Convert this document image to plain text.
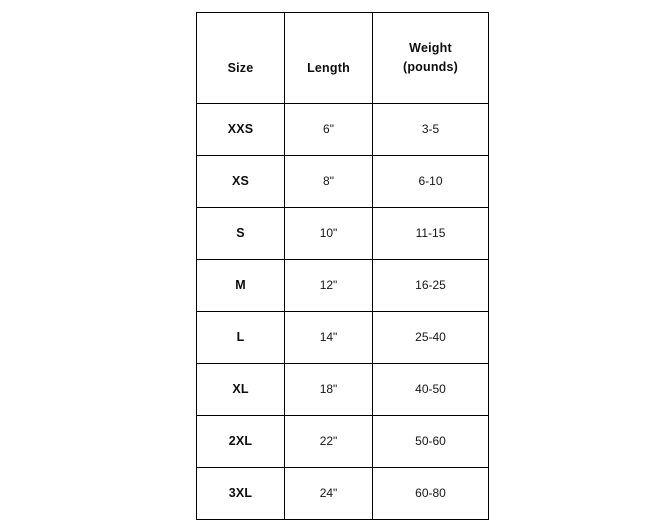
Size	Length	Weight
(pounds)

XXS	6"	3-5
XS	8"	6-10
S	10"	11-15
M	12"	16-25
L	14"	25-40
XL	18"	40-50
2XL	22"	50-60
3XL	24"	60-80
